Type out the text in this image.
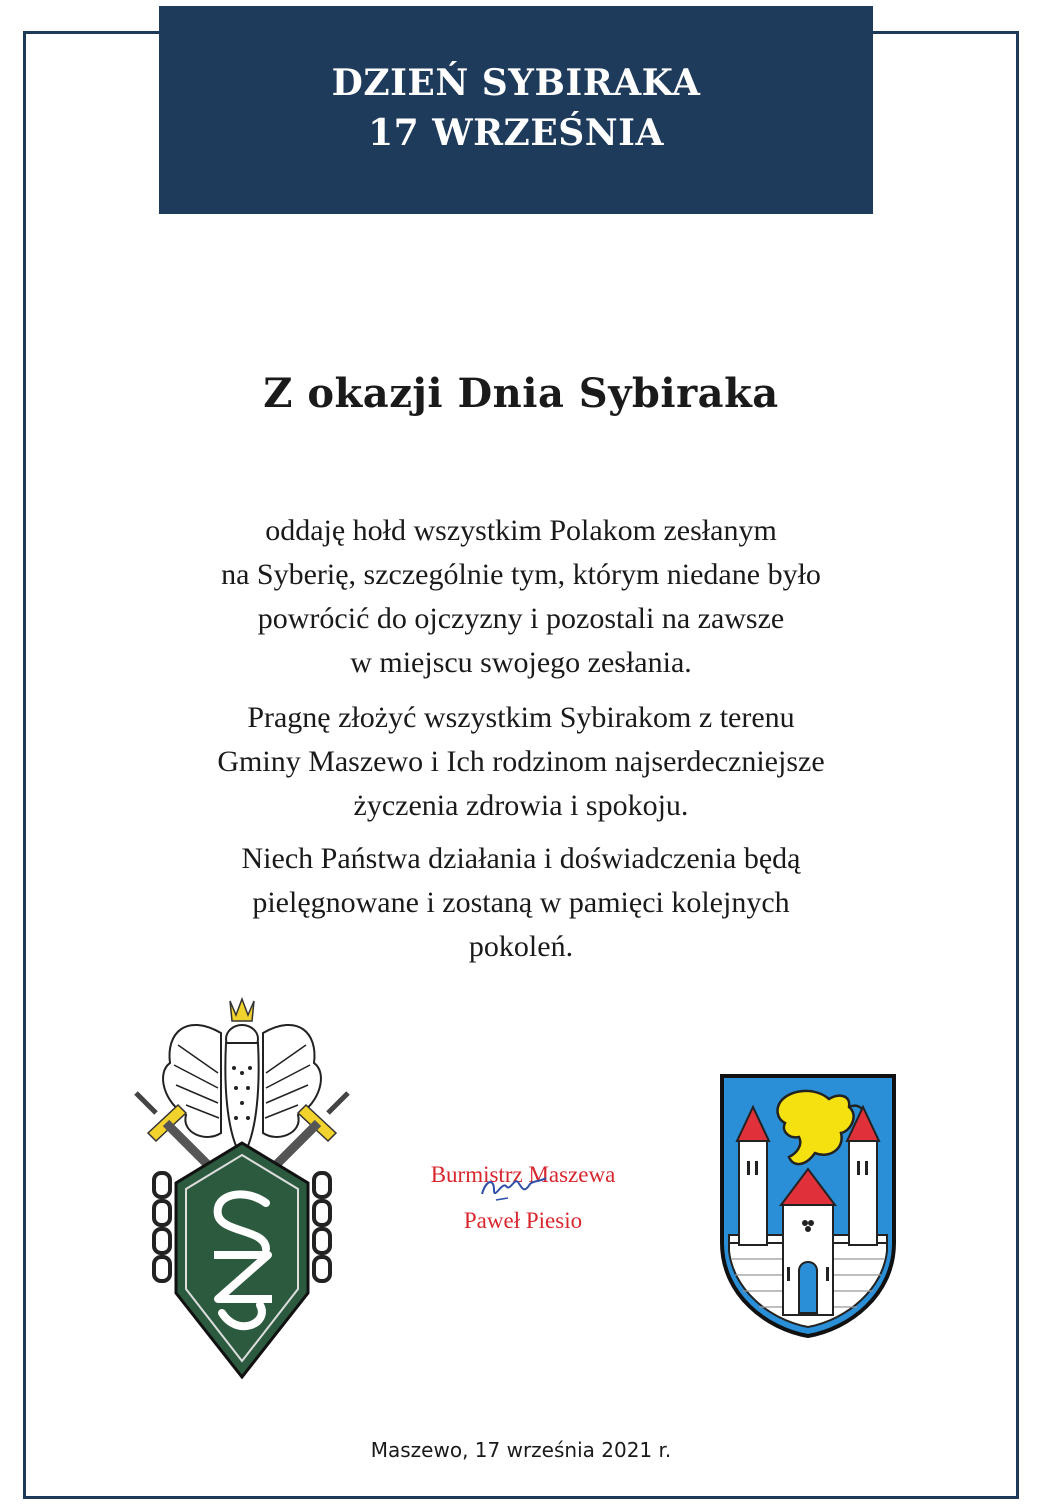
DZIEŃ SYBIRAKA
17 WRZEŚNIA
Z okazji Dnia Sybiraka
oddaję hołd wszystkim Polakom zesłanym
na Syberię, szczególnie tym, którym niedane było
powrócić do ojczyzny i pozostali na zawsze
w miejscu swojego zesłania.
Pragnę złożyć wszystkim Sybirakom z terenu
Gminy Maszewo i Ich rodzinom najserdeczniejsze
życzenia zdrowia i spokoju.
Niech Państwa działania i doświadczenia będą
pielęgnowane i zostaną w pamięci kolejnych
pokoleń.
Burmistrz Maszewa
Paweł Piesio
Maszewo, 17 września 2021 r.
